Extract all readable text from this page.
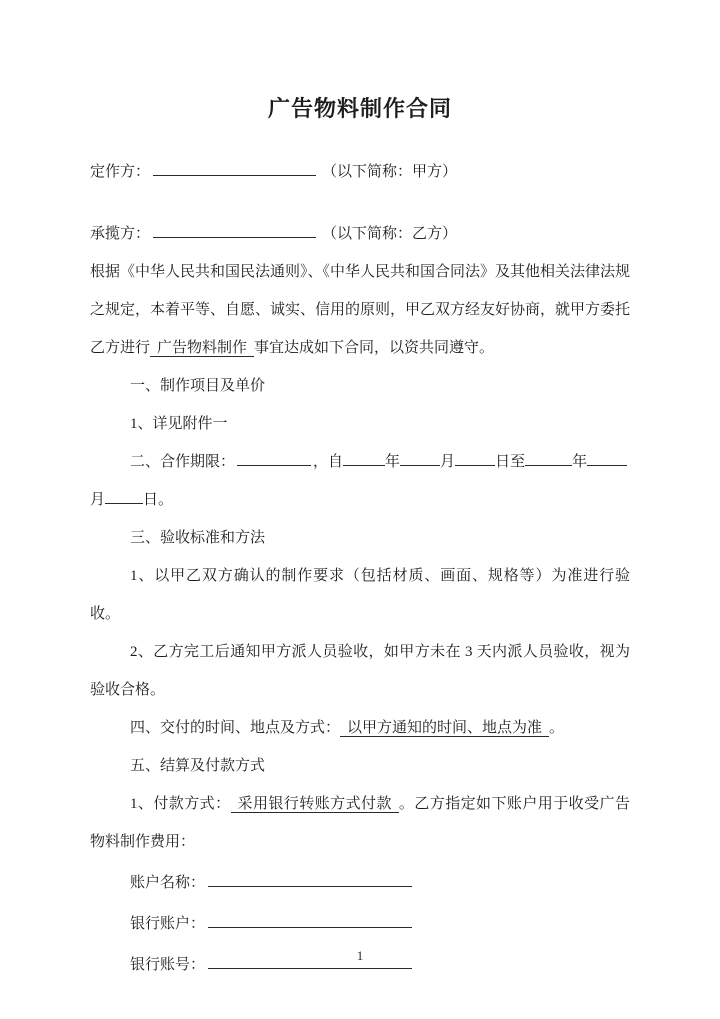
广告物料制作合同
定作方：	（以下简称：甲方）
承揽方：	（以下简称：乙方）
根据《中华人民共和国民法通则》、《中华人民共和国合同法》及其他相关法律法规之规定，本着平等、自愿、诚实、信用的原则，甲乙双方经友好协商，就甲方委托乙方进行 广告物料制作 事宜达成如下合同，以资共同遵守。
一、制作项目及单价
1、详见附件一
二、合作期限：	，自	年	月	日至	年
月	日。
三、验收标准和方法
1、以甲乙双方确认的制作要求（包括材质、画面、规格等）为准进行验收。
2、乙方完工后通知甲方派人员验收，如甲方未在 3 天内派人员验收，视为验收合格。
四、交付的时间、地点及方式： 以甲方通知的时间、地点为准 。
五、结算及付款方式
1、付款方式： 采用银行转账方式付款 。乙方指定如下账户用于收受广告物料制作费用：
账户名称：
银行账户：
银行账号：
1
